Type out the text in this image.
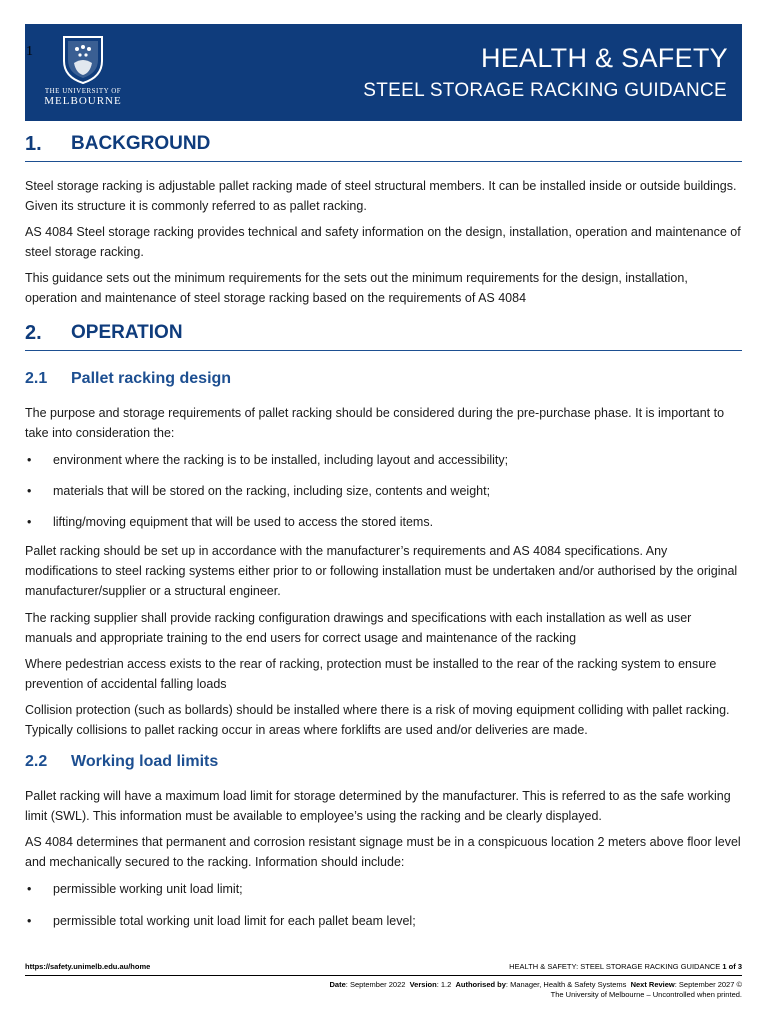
1
THE UNIVERSITY OF
MELBOURNE
HEALTH & SAFETY
STEEL STORAGE RACKING GUIDANCE
1. BACKGROUND
Steel storage racking is adjustable pallet racking made of steel structural members. It can be installed inside or outside buildings. Given its structure it is commonly referred to as pallet racking.
AS 4084 Steel storage racking provides technical and safety information on the design, installation, operation and maintenance of steel storage racking.
This guidance sets out the minimum requirements for the sets out the minimum requirements for the design, installation, operation and maintenance of steel storage racking based on the requirements of AS 4084
2. OPERATION
2.1 Pallet racking design
The purpose and storage requirements of pallet racking should be considered during the pre-purchase phase. It is important to take into consideration the:
• environment where the racking is to be installed, including layout and accessibility;
• materials that will be stored on the racking, including size, contents and weight;
• lifting/moving equipment that will be used to access the stored items.
Pallet racking should be set up in accordance with the manufacturer’s requirements and AS 4084 specifications. Any modifications to steel racking systems either prior to or following installation must be undertaken and/or authorised by the original manufacturer/supplier or a structural engineer.
The racking supplier shall provide racking configuration drawings and specifications with each installation as well as user manuals and appropriate training to the end users for correct usage and maintenance of the racking
Where pedestrian access exists to the rear of racking, protection must be installed to the rear of the racking system to ensure prevention of accidental falling loads
Collision protection (such as bollards) should be installed where there is a risk of moving equipment colliding with pallet racking. Typically collisions to pallet racking occur in areas where forklifts are used and/or deliveries are made.
2.2 Working load limits
Pallet racking will have a maximum load limit for storage determined by the manufacturer. This is referred to as the safe working limit (SWL). This information must be available to employee’s using the racking and be clearly displayed.
AS 4084 determines that permanent and corrosion resistant signage must be in a conspicuous location 2 meters above floor level and mechanically secured to the racking. Information should include:
• permissible working unit load limit;
• permissible total working unit load limit for each pallet beam level;
https://safety.unimelb.edu.au/home	HEALTH & SAFETY: STEEL STORAGE RACKING GUIDANCE 1 of 3
Date: September 2022 Version: 1.2 Authorised by: Manager, Health & Safety Systems Next Review: September 2027 ©
The University of Melbourne – Uncontrolled when printed.
